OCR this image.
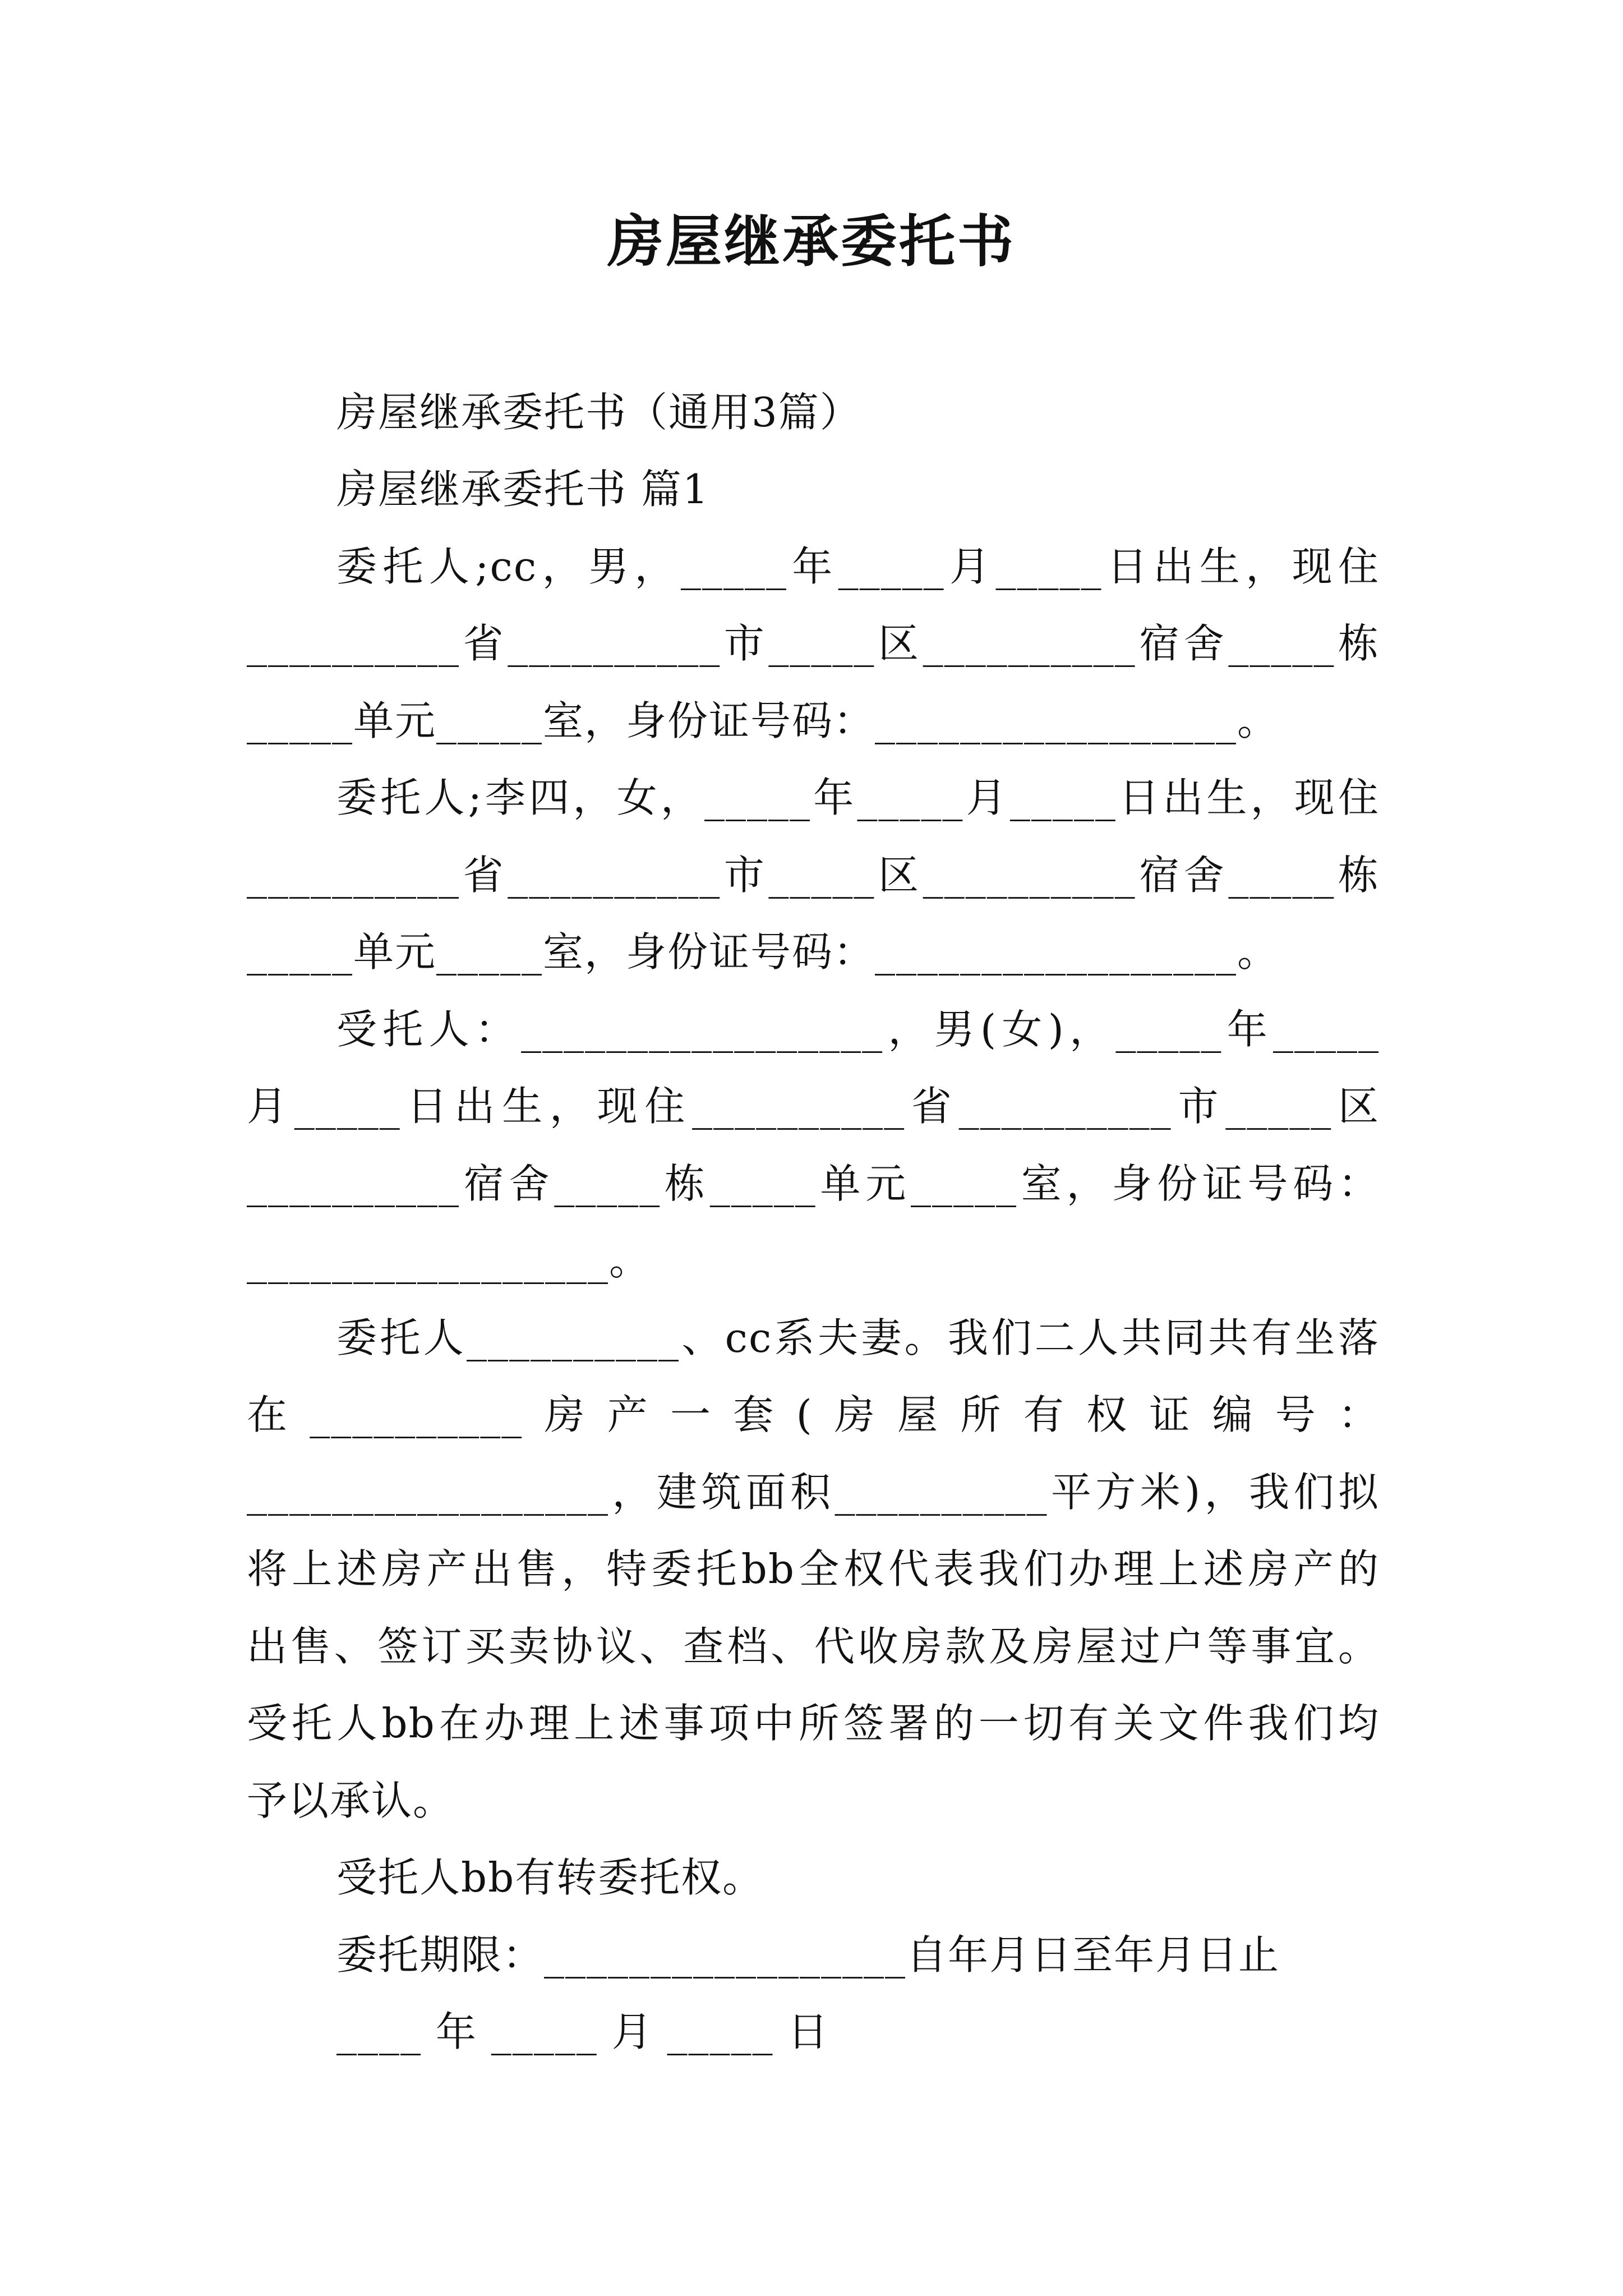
房屋继承委托书
房屋继承委托书（通用3篇）
房屋继承委托书 篇1
委托人;cc，男，_____年_____月_____日出生，现住
__________省__________市_____区__________宿舍_____栋
_____单元_____室，身份证号码：_________________。
委托人;李四，女，_____年_____月_____日出生，现住
__________省__________市_____区__________宿舍_____栋
_____单元_____室，身份证号码：_________________。
受托人：_________________，男(女)，_____年_____
月_____日出生，现住__________省__________市_____区
__________宿舍_____栋_____单元_____室，身份证号码：
_________________。
委托人__________、cc系夫妻。我们二人共同共有坐落
在__________房产一套(房屋所有权证编号：
_________________，建筑面积__________平方米)，我们拟
将上述房产出售，特委托bb全权代表我们办理上述房产的
出售、签订买卖协议、查档、代收房款及房屋过户等事宜。
受托人bb在办理上述事项中所签署的一切有关文件我们均
予以承认。
受托人bb有转委托权。
委托期限：_________________自年月日至年月日止
____ 年 _____ 月 _____ 日
